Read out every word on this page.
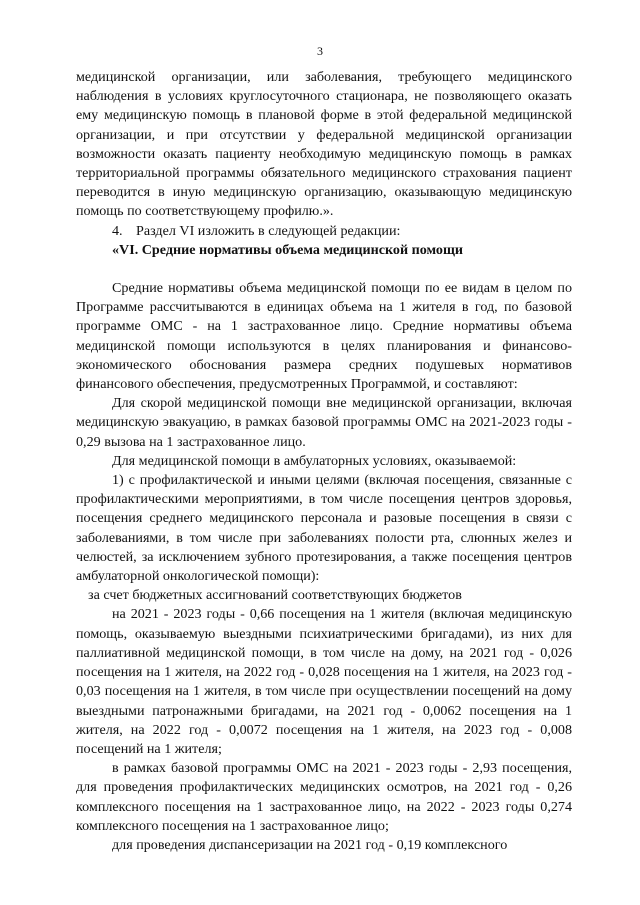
3

медицинской организации, или заболевания, требующего медицинского наблюдения в условиях круглосуточного стационара, не позволяющего оказать ему медицинскую помощь в плановой форме в этой федеральной медицинской организации, и при отсутствии у федеральной медицинской организации возможности оказать пациенту необходимую медицинскую помощь в рамках территориальной программы обязательного медицинского страхования пациент переводится в иную медицинскую организацию, оказывающую медицинскую помощь по соответствующему профилю.».

4. Раздел VI изложить в следующей редакции:

«VI. Средние нормативы объема медицинской помощи

Средние нормативы объема медицинской помощи по ее видам в целом по Программе рассчитываются в единицах объема на 1 жителя в год, по базовой программе ОМС - на 1 застрахованное лицо. Средние нормативы объема медицинской помощи используются в целях планирования и финансово-экономического обоснования размера средних подушевых нормативов финансового обеспечения, предусмотренных Программой, и составляют:

Для скорой медицинской помощи вне медицинской организации, включая медицинскую эвакуацию, в рамках базовой программы ОМС на 2021-2023 годы - 0,29 вызова на 1 застрахованное лицо.

Для медицинской помощи в амбулаторных условиях, оказываемой:

1) с профилактической и иными целями (включая посещения, связанные с профилактическими мероприятиями, в том числе посещения центров здоровья, посещения среднего медицинского персонала и разовые посещения в связи с заболеваниями, в том числе при заболеваниях полости рта, слюнных желез и челюстей, за исключением зубного протезирования, а также посещения центров амбулаторной онкологической помощи):

за счет бюджетных ассигнований соответствующих бюджетов

на 2021 - 2023 годы - 0,66 посещения на 1 жителя (включая медицинскую помощь, оказываемую выездными психиатрическими бригадами), из них для паллиативной медицинской помощи, в том числе на дому, на 2021 год - 0,026 посещения на 1 жителя, на 2022 год - 0,028 посещения на 1 жителя, на 2023 год - 0,03 посещения на 1 жителя, в том числе при осуществлении посещений на дому выездными патронажными бригадами, на 2021 год - 0,0062 посещения на 1 жителя, на 2022 год - 0,0072 посещения на 1 жителя, на 2023 год - 0,008 посещений на 1 жителя;

в рамках базовой программы ОМС на 2021 - 2023 годы - 2,93 посещения, для проведения профилактических медицинских осмотров, на 2021 год - 0,26 комплексного посещения на 1 застрахованное лицо, на 2022 - 2023 годы 0,274 комплексного посещения на 1 застрахованное лицо;

для проведения диспансеризации на 2021 год - 0,19 комплексного
